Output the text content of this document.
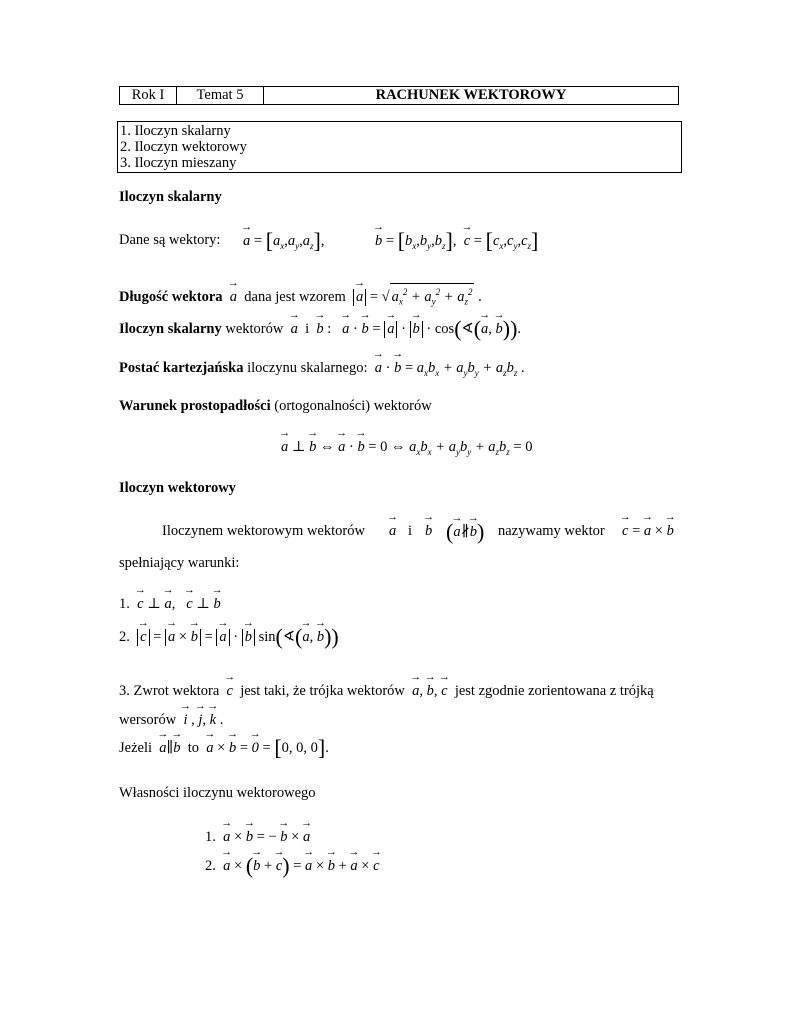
Rok I	Temat 5	RACHUNEK WEKTOROWY
1. Iloczyn skalarny
2. Iloczyn wektorowy
3. Iloczyn mieszany
Iloczyn skalarny
Dane są wektory: → $a = [a_x,a_y,a_z]$,	→ $b = [b_x,b_y,b_z]$,  → $c = [c_x,c_y,c_z]$
Długość wektora → a dana jest wzorem → a = √ $a_x^2 + a_y^2 + a_z^2$ .
Iloczyn skalarny wektorów → a i → b :   → a · → b = → a · → b · cos(∢(→ a, → b)).
Postać kartezjańska iloczynu skalarnego: → a · → $b = a_xb_x + a_yb_y + a_zb_z$ .
Warunek prostopadłości (ortogonalności) wektorów
→ a ⊥ → b ⇔ → a · → b = 0 ⇔ $a_xb_x + a_yb_y + a_zb_z = 0$
Iloczyn wektorowy
Iloczynem wektorowym wektorów → a i → b (→ a∦→ b) nazywamy wektor → c = → a × → b
spełniający warunki:
1. → c ⊥ → a,   → c ⊥ → b
2. → c = → a × → b = → a · → b sin(∢(→ a, → b))
3. Zwrot wektora → c jest taki, że trójka wektorów → a, → b, → c jest zgodnie zorientowana z trójką
wersorów → i , → j, → k .
Jeżeli → a∥→ b to → a × → b = → 0 = [0, 0, 0].
Własności iloczynu wektorowego
1. → a × → b = − → b × → a
2. → a × (→ b + → c) = → a × → b + → a × → c
